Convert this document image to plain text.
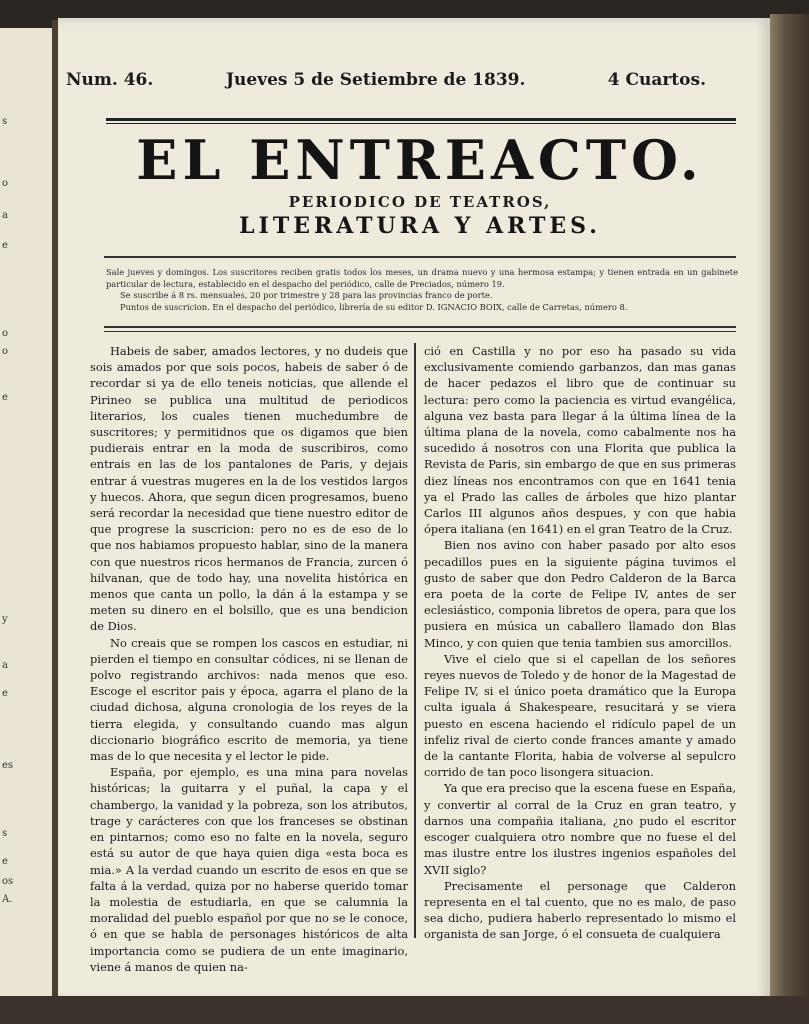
s
o
a
e
o
o
e
y
a
e
es
s
e
os
A.
Num. 46.	Jueves 5 de Setiembre de 1839.	4 Cuartos.
EL ENTREACTO.
PERIODICO DE TEATROS,
LITERATURA Y ARTES.
Sale jueves y domingos. Los suscritores reciben gratis todos los meses, un drama nuevo y una hermosa estampa; y tienen entrada en un gabinete particular de lectura, establecido en el despacho del periódico, calle de Preciados, número 19.
Se suscribe á 8 rs. mensuales, 20 por trimestre y 28 para las provincias franco de porte.
Puntos de suscricion. En el despacho del periódico, librería de su editor D. IGNACIO BOIX, calle de Carretas, número 8.

Habeis de saber, amados lectores, y no dudeis que sois amados por que sois pocos, habeis de saber ó de recordar si ya de ello teneis noticias, que allende el Pirineo se publica una multitud de periodicos literarios, los cuales tienen muchedumbre de suscritores; y permitidnos que os digamos que bien pudierais entrar en la moda de suscribiros, como entrais en las de los pantalones de Paris, y dejais entrar á vuestras mugeres en la de los vestidos largos y huecos. Ahora, que segun dicen progresamos, bueno será recordar la necesidad que tiene nuestro editor de que progrese la suscricion: pero no es de eso de lo que nos habiamos propuesto hablar, sino de la manera con que nuestros ricos hermanos de Francia, zurcen ó hilvanan, que de todo hay, una novelita histórica en menos que canta un pollo, la dán á la estampa y se meten su dinero en el bolsillo, que es una bendicion de Dios.

No creais que se rompen los cascos en estudiar, ni pierden el tiempo en consultar códices, ni se llenan de polvo registrando archivos: nada menos que eso. Escoge el escritor pais y época, agarra el plano de la ciudad dichosa, alguna cronologia de los reyes de la tierra elegida, y consultando cuando mas algun diccionario biográfico escrito de memoria, ya tiene mas de lo que necesita y el lector le pide.

España, por ejemplo, es una mina para novelas históricas; la guitarra y el puñal, la capa y el chambergo, la vanidad y la pobreza, son los atributos, trage y carácteres con que los franceses se obstinan en pintarnos; como eso no falte en la novela, seguro está su autor de que haya quien diga «esta boca es mia.» A la verdad cuando un escrito de esos en que se falta á la verdad, quiza por no haberse querido tomar la molestia de estudiarla, en que se calumnia la moralidad del pueblo español por que no se le conoce, ó en que se habla de personages históricos de alta importancia como se pudiera de un ente imaginario, viene á manos de quien na-

ció en Castilla y no por eso ha pasado su vida exclusivamente comiendo garbanzos, dan mas ganas de hacer pedazos el libro que de continuar su lectura: pero como la paciencia es virtud evangélica, alguna vez basta para llegar á la última línea de la última plana de la novela, como cabalmente nos ha sucedido á nosotros con una Florita que publica la Revista de Paris, sin embargo de que en sus primeras diez líneas nos encontramos con que en 1641 tenia ya el Prado las calles de árboles que hizo plantar Carlos III algunos años despues, y con que habia ópera italiana (en 1641) en el gran Teatro de la Cruz.

Bien nos avino con haber pasado por alto esos pecadillos pues en la siguiente página tuvimos el gusto de saber que don Pedro Calderon de la Barca era poeta de la corte de Felipe IV, antes de ser eclesiástico, componia libretos de opera, para que los pusiera en música un caballero llamado don Blas Minco, y con quien que tenia tambien sus amorcillos.

Vive el cielo que si el capellan de los señores reyes nuevos de Toledo y de honor de la Magestad de Felipe IV, si el único poeta dramático que la Europa culta iguala á Shakespeare, resucitará y se viera puesto en escena haciendo el ridículo papel de un infeliz rival de cierto conde frances amante y amado de la cantante Florita, habia de volverse al sepulcro corrido de tan poco lisongera situacion.

Ya que era preciso que la escena fuese en España, y convertir al corral de la Cruz en gran teatro, y darnos una compañia italiana, ¿no pudo el escritor escoger cualquiera otro nombre que no fuese el del mas ilustre entre los ilustres ingenios españoles del XVII siglo?

Precisamente el personage que Calderon representa en el tal cuento, que no es malo, de paso sea dicho, pudiera haberlo representado lo mismo el organista de san Jorge, ó el consueta de cualquiera
